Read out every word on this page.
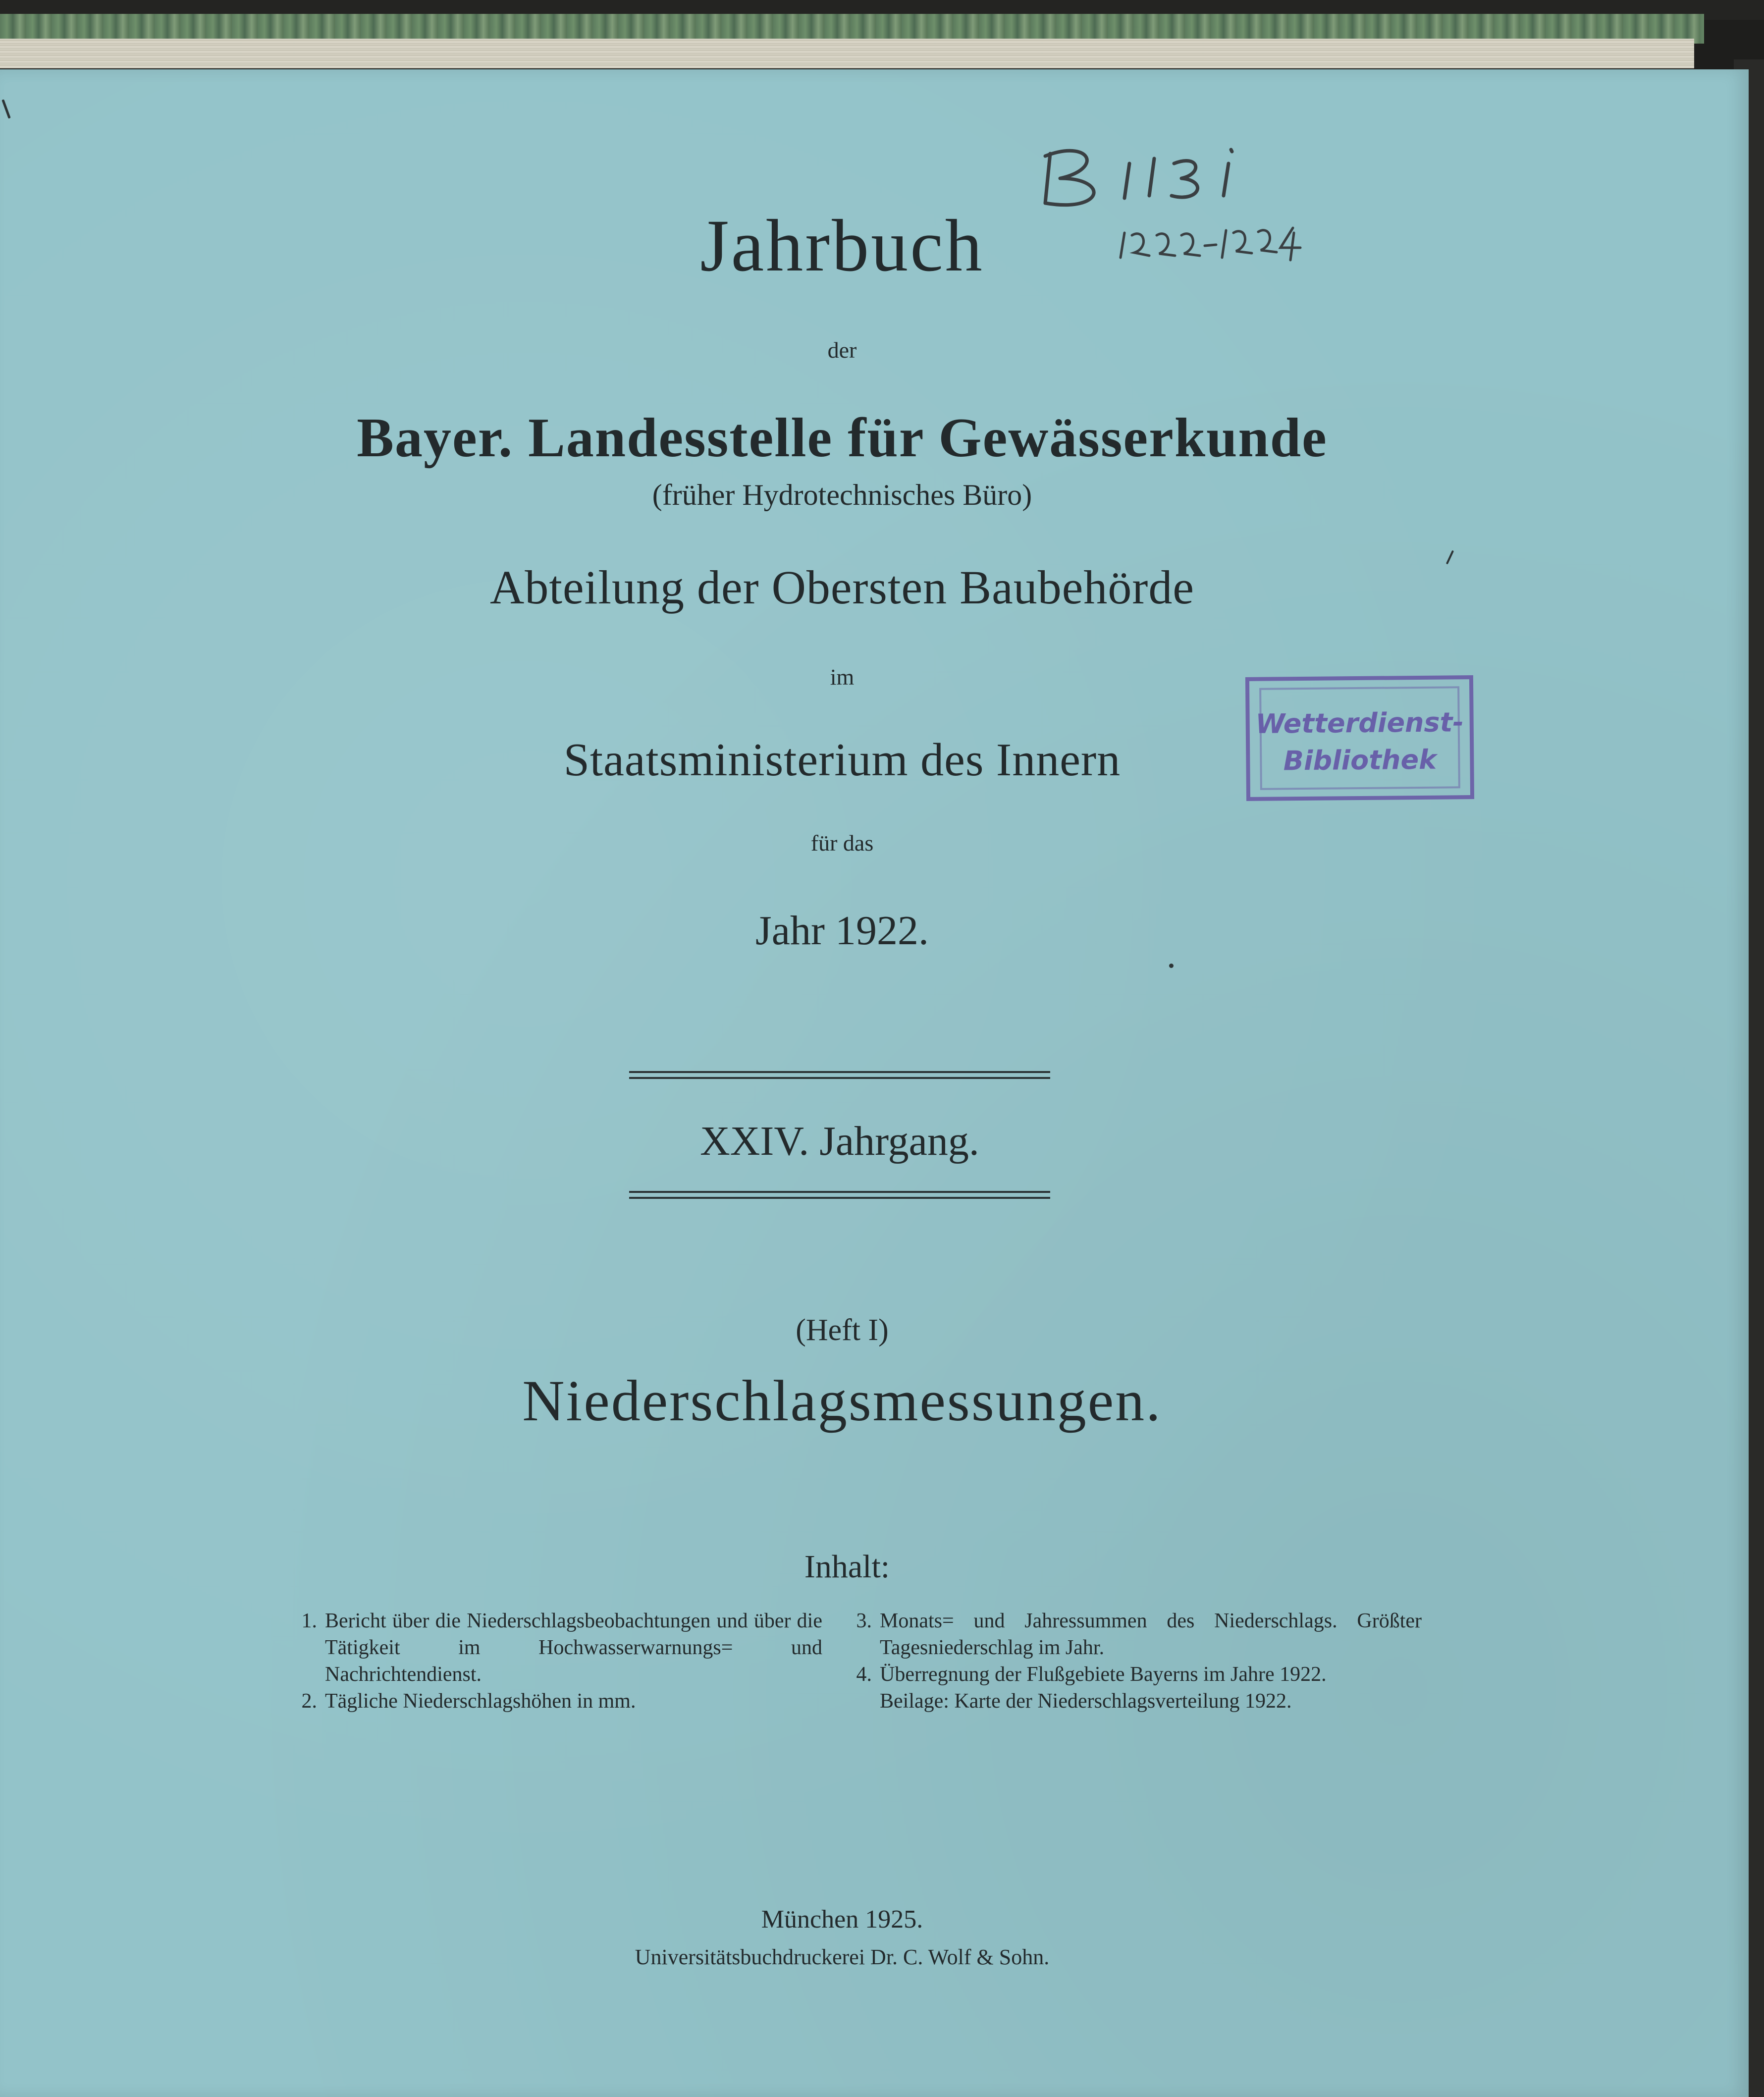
Jahrbuch
der
Bayer. Landesstelle für Gewässerkunde
(früher Hydrotechnisches Büro)
Abteilung der Obersten Baubehörde
im
Staatsministerium des Innern
für das
Jahr 1922.
XXIV. Jahrgang.
(Heft I)
Niederschlagsmessungen.
Inhalt:
1. Bericht über die Niederschlagsbeobachtungen und über die Tätigkeit im Hochwasserwarnungs= und Nachrichtendienst.
2. Tägliche Niederschlagshöhen in mm.
3. Monats= und Jahressummen des Niederschlags. Größter Tagesniederschlag im Jahr.
4. Überregnung der Flußgebiete Bayerns im Jahre 1922.
Beilage: Karte der Niederschlagsverteilung 1922.
München 1925.
Universitätsbuchdruckerei Dr. C. Wolf & Sohn.
Wetterdienst-
Bibliothek
